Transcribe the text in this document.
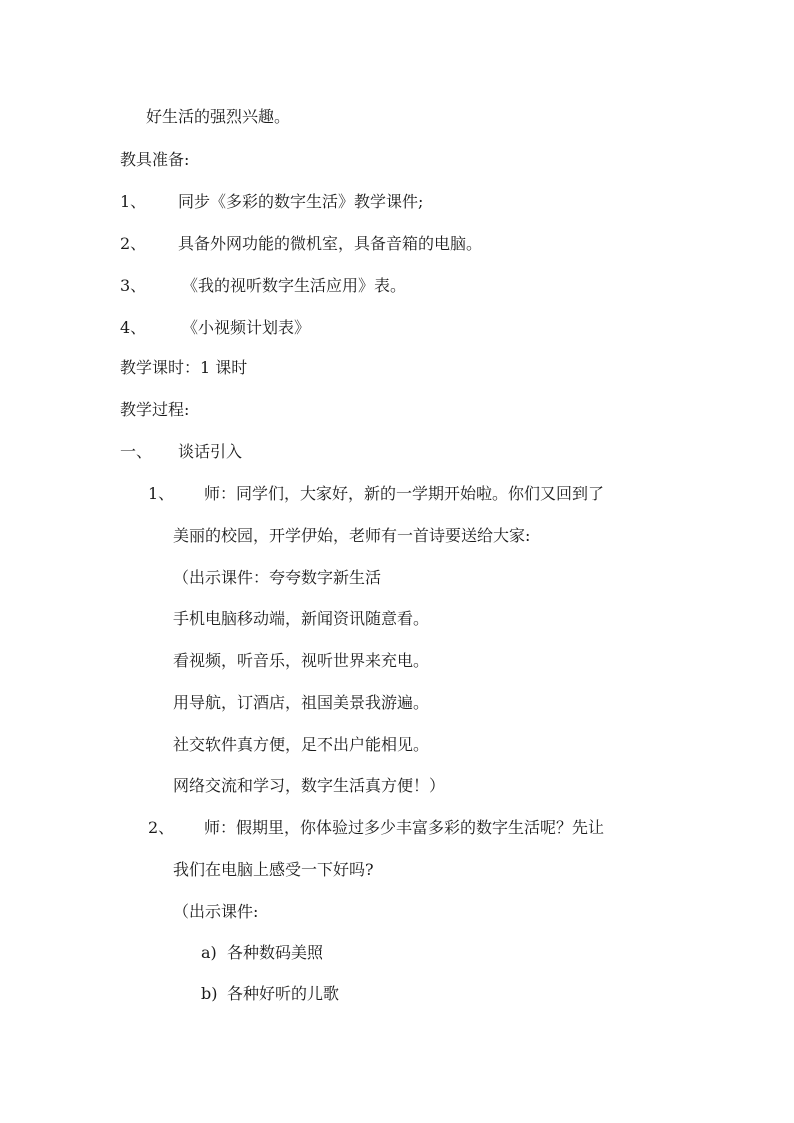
好生活的强烈兴趣。
教具准备:
1、 同步《多彩的数字生活》教学课件;
2、 具备外网功能的微机室，具备音箱的电脑。
3、 《我的视听数字生活应用》表。
4、 《小视频计划表》
教学课时：1 课时
教学过程:
一、 谈话引入
1、 师：同学们，大家好，新的一学期开始啦。你们又回到了
美丽的校园，开学伊始，老师有一首诗要送给大家:
（出示课件：夸夸数字新生活
手机电脑移动端，新闻资讯随意看。
看视频，听音乐，视听世界来充电。
用导航，订酒店，祖国美景我游遍。
社交软件真方便，足不出户能相见。
网络交流和学习，数字生活真方便！）
2、 师：假期里，你体验过多少丰富多彩的数字生活呢？先让
我们在电脑上感受一下好吗?
（出示课件:
a) 各种数码美照
b) 各种好听的儿歌
